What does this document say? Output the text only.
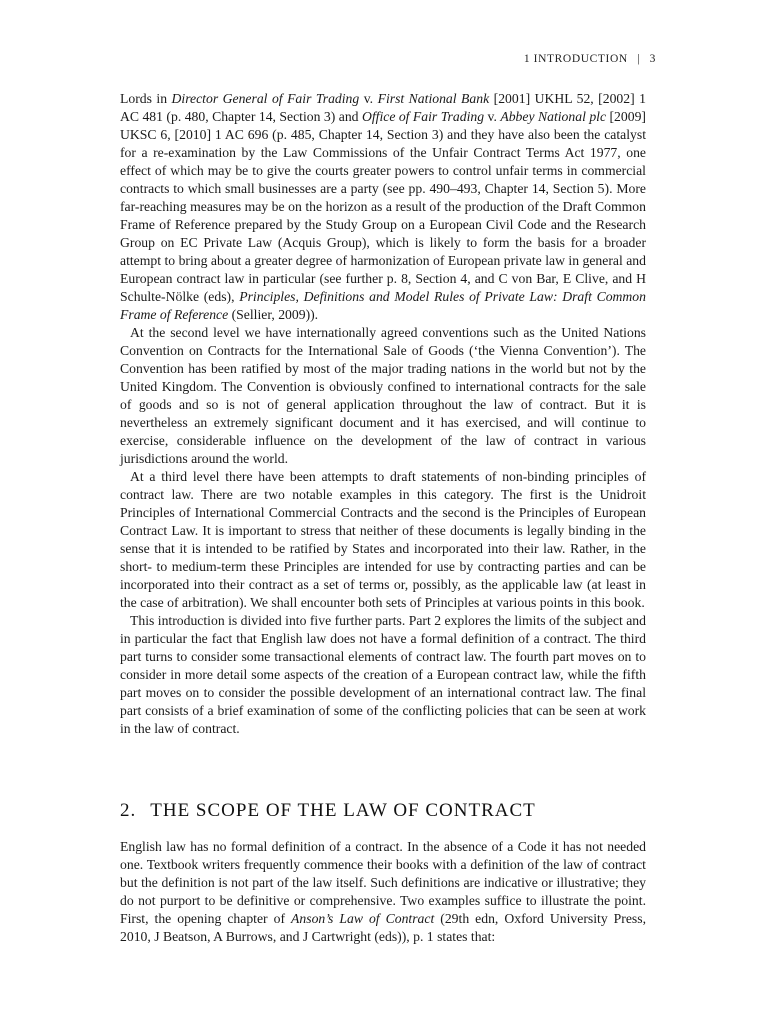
1 INTRODUCTION | 3

Lords in Director General of Fair Trading v. First National Bank [2001] UKHL 52, [2002] 1 AC 481 (p. 480, Chapter 14, Section 3) and Office of Fair Trading v. Abbey National plc [2009] UKSC 6, [2010] 1 AC 696 (p. 485, Chapter 14, Section 3) and they have also been the catalyst for a re-examination by the Law Commissions of the Unfair Contract Terms Act 1977, one effect of which may be to give the courts greater powers to control unfair terms in commercial contracts to which small businesses are a party (see pp. 490–493, Chapter 14, Section 5). More far-reaching measures may be on the horizon as a result of the production of the Draft Common Frame of Reference prepared by the Study Group on a European Civil Code and the Research Group on EC Private Law (Acquis Group), which is likely to form the basis for a broader attempt to bring about a greater degree of harmonization of European private law in general and European contract law in particular (see further p. 8, Section 4, and C von Bar, E Clive, and H Schulte-Nölke (eds), Principles, Definitions and Model Rules of Private Law: Draft Common Frame of Reference (Sellier, 2009)).

At the second level we have internationally agreed conventions such as the United Nations Convention on Contracts for the International Sale of Goods (‘the Vienna Convention’). The Convention has been ratified by most of the major trading nations in the world but not by the United Kingdom. The Convention is obviously confined to international contracts for the sale of goods and so is not of general application throughout the law of contract. But it is nevertheless an extremely significant document and it has exercised, and will continue to exercise, considerable influence on the development of the law of contract in various jurisdictions around the world.

At a third level there have been attempts to draft statements of non-binding principles of contract law. There are two notable examples in this category. The first is the Unidroit Principles of International Commercial Contracts and the second is the Principles of European Contract Law. It is important to stress that neither of these documents is legally binding in the sense that it is intended to be ratified by States and incorporated into their law. Rather, in the short- to medium-term these Principles are intended for use by contracting parties and can be incorporated into their contract as a set of terms or, possibly, as the applicable law (at least in the case of arbitration). We shall encounter both sets of Principles at various points in this book.

This introduction is divided into five further parts. Part 2 explores the limits of the subject and in particular the fact that English law does not have a formal definition of a contract. The third part turns to consider some transactional elements of contract law. The fourth part moves on to consider in more detail some aspects of the creation of a European contract law, while the fifth part moves on to consider the possible development of an international contract law. The final part consists of a brief examination of some of the conflicting policies that can be seen at work in the law of contract.

2. THE SCOPE OF THE LAW OF CONTRACT

English law has no formal definition of a contract. In the absence of a Code it has not needed one. Textbook writers frequently commence their books with a definition of the law of contract but the definition is not part of the law itself. Such definitions are indicative or illustrative; they do not purport to be definitive or comprehensive. Two examples suffice to illustrate the point. First, the opening chapter of Anson’s Law of Contract (29th edn, Oxford University Press, 2010, J Beatson, A Burrows, and J Cartwright (eds)), p. 1 states that:
